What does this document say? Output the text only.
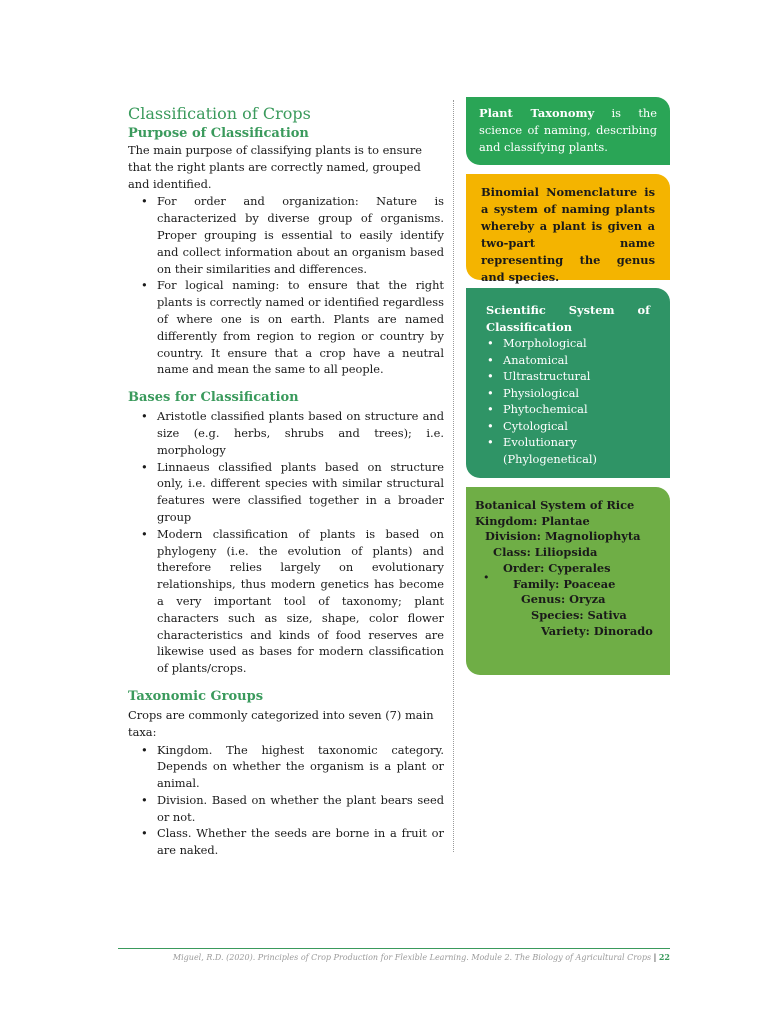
Classification of Crops
Purpose of Classification

The main purpose of classifying plants is to ensure that the right plants are correctly named, grouped and identified.

• For order and organization: Nature is characterized by diverse group of organisms. Proper grouping is essential to easily identify and collect information about an organism based on their similarities and differences.
• For logical naming: to ensure that the right plants is correctly named or identified regardless of where one is on earth. Plants are named differently from region to region or country by country. It ensure that a crop have a neutral name and mean the same to all people.
Bases for Classification
• Aristotle classified plants based on structure and size (e.g. herbs, shrubs and trees); i.e. morphology
• Linnaeus classified plants based on structure only, i.e. different species with similar structural features were classified together in a broader group
• Modern classification of plants is based on phylogeny (i.e. the evolution of plants) and therefore relies largely on evolutionary relationships, thus modern genetics has become a very important tool of taxonomy; plant characters such as size, shape, color flower characteristics and kinds of food reserves are likewise used as bases for modern classification of plants/crops.
Taxonomic Groups

Crops are commonly categorized into seven (7) main taxa:

• Kingdom. The highest taxonomic category. Depends on whether the organism is a plant or animal.
• Division. Based on whether the plant bears seed or not.
• Class. Whether the seeds are borne in a fruit or are naked.

Plant Taxonomy is the science of naming, describing and classifying plants.

Binomial Nomenclature is a system of naming plants whereby a plant is given a two-part name representing the genus and species.

Scientific System of
Classification
• Morphological
• Anatomical
• Ultrastructural
• Physiological
• Phytochemical
• Cytological
• Evolutionary (Phylogenetical)
Botanical System of Rice
Kingdom: Plantae
Division: Magnoliophyta
Class: Liliopsida
Order: Cyperales
Family: Poaceae
Genus: Oryza
Species: Sativa
Variety: Dinorado
•
Miguel, R.D. (2020). Principles of Crop Production for Flexible Learning. Module 2. The Biology of Agricultural Crops | 22
